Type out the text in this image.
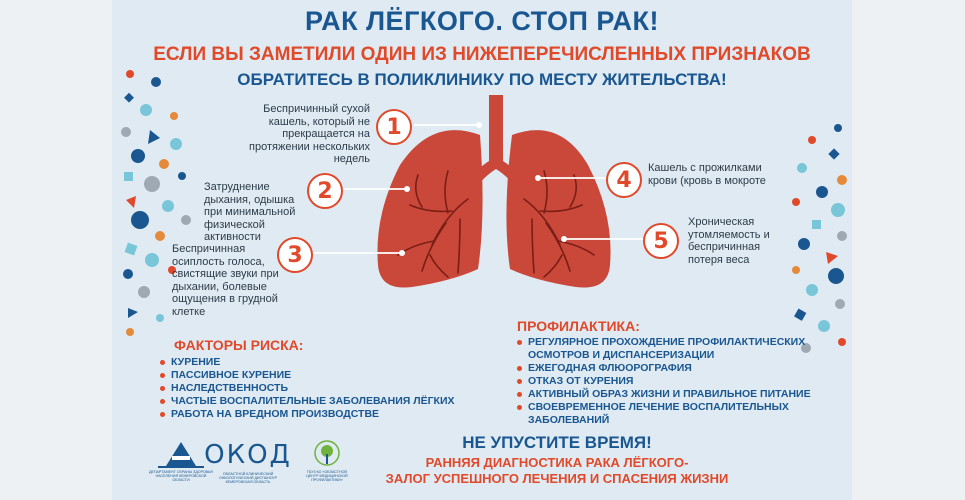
РАК ЛЁГКОГО. СТОП РАК!
ЕСЛИ ВЫ ЗАМЕТИЛИ ОДИН ИЗ НИЖЕПЕРЕЧИСЛЕННЫХ ПРИЗНАКОВ
ОБРАТИТЕСЬ В ПОЛИКЛИНИКУ ПО МЕСТУ ЖИТЕЛЬСТВА!
1
2
3
4
5
Беспричинный сухой кашель, который не прекращается на протяжении нескольких недель
Затруднение дыхания, одышка при минимальной физической активности
Беспричинная осиплость голоса, свистящие звуки при дыхании, болевые ощущения в грудной клетке
Кашель с прожилками крови (кровь в мокроте
Хроническая утомляемость и беспричинная потеря веса
ФАКТОРЫ РИСКА:
КУРЕНИЕ
ПАССИВНОЕ КУРЕНИЕ
НАСЛЕДСТВЕННОСТЬ
ЧАСТЫЕ ВОСПАЛИТЕЛЬНЫЕ ЗАБОЛЕВАНИЯ ЛЁГКИХ
РАБОТА НА ВРЕДНОМ ПРОИЗВОДСТВЕ
ПРОФИЛАКТИКА:
РЕГУЛЯРНОЕ ПРОХОЖДЕНИЕ ПРОФИЛАКТИЧЕСКИХ ОСМОТРОВ И ДИСПАНСЕРИЗАЦИИ
ЕЖЕГОДНАЯ ФЛЮОРОГРАФИЯ
ОТКАЗ ОТ КУРЕНИЯ
АКТИВНЫЙ ОБРАЗ ЖИЗНИ И ПРАВИЛЬНОЕ ПИТАНИЕ
СВОЕВРЕМЕННОЕ ЛЕЧЕНИЕ ВОСПАЛИТЕЛЬНЫХ ЗАБОЛЕВАНИЙ
НЕ УПУСТИТЕ ВРЕМЯ!
РАННЯЯ ДИАГНОСТИКА РАКА ЛЁГКОГО-
ЗАЛОГ УСПЕШНОГО ЛЕЧЕНИЯ И СПАСЕНИЯ ЖИЗНИ
ДЕПАРТАМЕНТ ОХРАНЫ ЗДОРОВЬЯ НАСЕЛЕНИЯ КЕМЕРОВСКОЙ ОБЛАСТИ
ОКОД
ОБЛАСТНОЙ КЛИНИЧЕСКИЙ ОНКОЛОГИЧЕСКИЙ ДИСПАНСЕР КЕМЕРОВСКАЯ ОБЛАСТЬ
ГБУЗ КО «ОБЛАСТНОЙ ЦЕНТР МЕДИЦИНСКОЙ ПРОФИЛАКТИКИ»
